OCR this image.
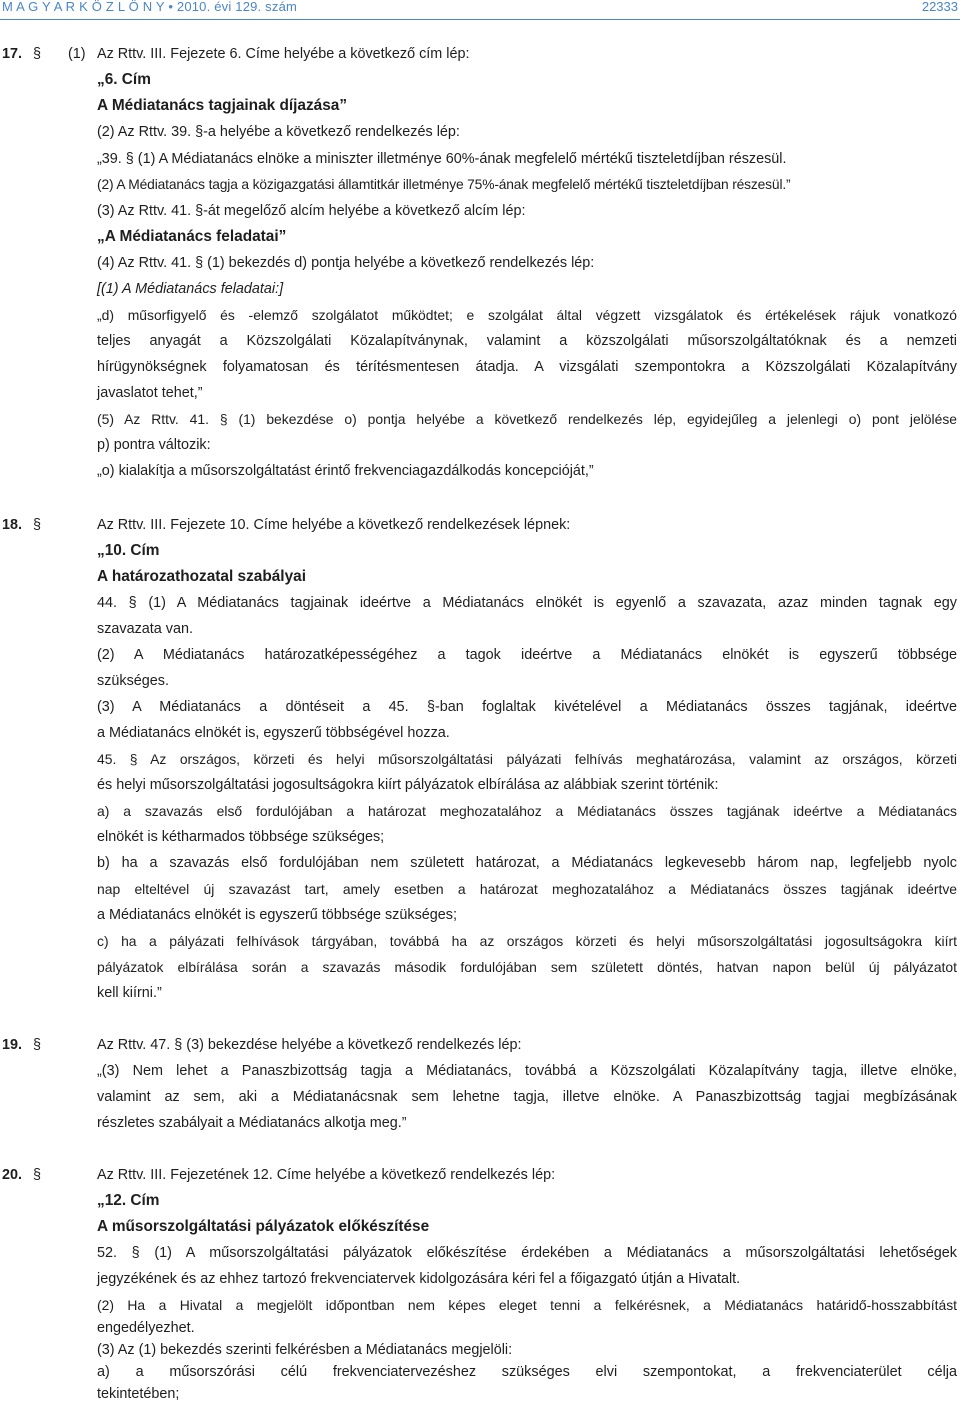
M A G Y A R K Ö Z L Ö N Y • 2010. évi 129. szám	22333
17. § (1) Az Rttv. III. Fejezete 6. Címe helyébe a következő cím lép:
„6. Cím
A Médiatanács tagjainak díjazása”
(2) Az Rttv. 39. §-a helyébe a következő rendelkezés lép:
„39. § (1) A Médiatanács elnöke a miniszter illetménye 60%-ának megfelelő mértékű tiszteletdíjban részesül.
(2) A Médiatanács tagja a közigazgatási államtitkár illetménye 75%-ának megfelelő mértékű tiszteletdíjban részesül.”
(3) Az Rttv. 41. §-át megelőző alcím helyébe a következő alcím lép:
„A Médiatanács feladatai”
(4) Az Rttv. 41. § (1) bekezdés d) pontja helyébe a következő rendelkezés lép:
[(1) A Médiatanács feladatai:]
„d) műsorfigyelő és -elemző szolgálatot működtet; e szolgálat által végzett vizsgálatok és értékelések rájuk vonatkozó
teljes anyagát a Közszolgálati Közalapítványnak, valamint a közszolgálati műsorszolgáltatóknak és a nemzeti
hírügynökségnek folyamatosan és térítésmentesen átadja. A vizsgálati szempontokra a Közszolgálati Közalapítvány
javaslatot tehet,”
(5) Az Rttv. 41. § (1) bekezdése o) pontja helyébe a következő rendelkezés lép, egyidejűleg a jelenlegi o) pont jelölése
p) pontra változik:
„o) kialakítja a műsorszolgáltatást érintő frekvenciagazdálkodás koncepcióját,”
18. §	Az Rttv. III. Fejezete 10. Címe helyébe a következő rendelkezések lépnek:
„10. Cím
A határozathozatal szabályai
44. § (1) A Médiatanács tagjainak ideértve a Médiatanács elnökét is egyenlő a szavazata, azaz minden tagnak egy
szavazata van.
(2) A Médiatanács határozatképességéhez a tagok ideértve a Médiatanács elnökét is egyszerű többsége
szükséges.
(3) A Médiatanács a döntéseit a 45. §-ban foglaltak kivételével a Médiatanács összes tagjának, ideértve
a Médiatanács elnökét is, egyszerű többségével hozza.
45. § Az országos, körzeti és helyi műsorszolgáltatási pályázati felhívás meghatározása, valamint az országos, körzeti
és helyi műsorszolgáltatási jogosultságokra kiírt pályázatok elbírálása az alábbiak szerint történik:
a) a szavazás első fordulójában a határozat meghozatalához a Médiatanács összes tagjának ideértve a Médiatanács
elnökét is kétharmados többsége szükséges;
b) ha a szavazás első fordulójában nem született határozat, a Médiatanács legkevesebb három nap, legfeljebb nyolc
nap elteltével új szavazást tart, amely esetben a határozat meghozatalához a Médiatanács összes tagjának ideértve
a Médiatanács elnökét is egyszerű többsége szükséges;
c) ha a pályázati felhívások tárgyában, továbbá ha az országos körzeti és helyi műsorszolgáltatási jogosultságokra kiírt
pályázatok elbírálása során a szavazás második fordulójában sem született döntés, hatvan napon belül új pályázatot
kell kiírni.”
19. §	Az Rttv. 47. § (3) bekezdése helyébe a következő rendelkezés lép:
„(3) Nem lehet a Panaszbizottság tagja a Médiatanács, továbbá a Közszolgálati Közalapítvány tagja, illetve elnöke,
valamint az sem, aki a Médiatanácsnak sem lehetne tagja, illetve elnöke. A Panaszbizottság tagjai megbízásának
részletes szabályait a Médiatanács alkotja meg.”
20. §	Az Rttv. III. Fejezetének 12. Címe helyébe a következő rendelkezés lép:
„12. Cím
A műsorszolgáltatási pályázatok előkészítése
52. § (1) A műsorszolgáltatási pályázatok előkészítése érdekében a Médiatanács a műsorszolgáltatási lehetőségek
jegyzékének és az ehhez tartozó frekvenciatervek kidolgozására kéri fel a főigazgató útján a Hivatalt.
(2) Ha a Hivatal a megjelölt időpontban nem képes eleget tenni a felkérésnek, a Médiatanács határidő-hosszabbítást
engedélyezhet.
(3) Az (1) bekezdés szerinti felkérésben a Médiatanács megjelöli:
a) a műsorszórási célú frekvenciatervezéshez szükséges elvi szempontokat, a frekvenciaterület célja
tekintetében;
